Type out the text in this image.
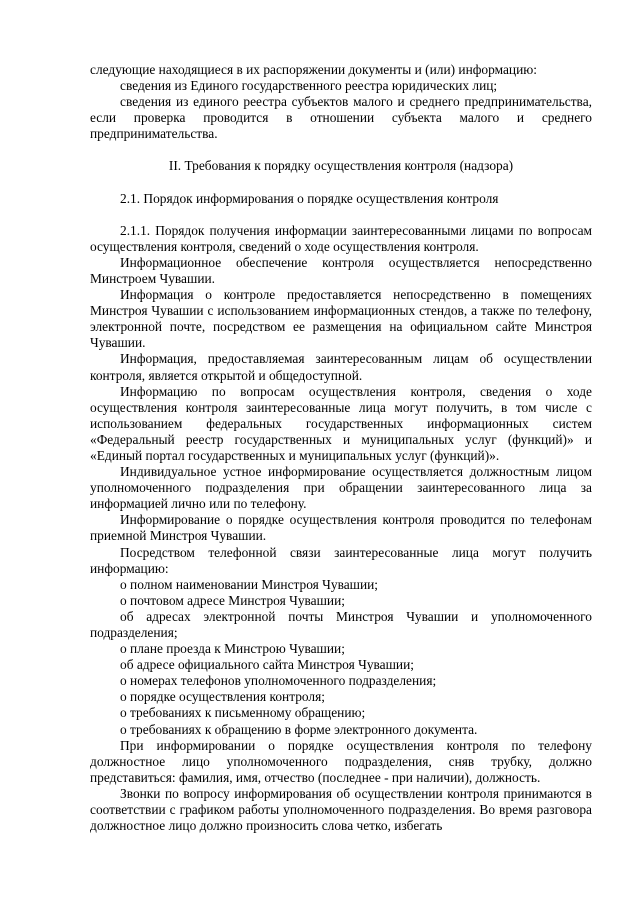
следующие находящиеся в их распоряжении документы и (или) информацию:

сведения из Единого государственного реестра юридических лиц;

сведения из единого реестра субъектов малого и среднего предпринимательства, если проверка проводится в отношении субъекта малого и среднего предпринимательства.

II. Требования к порядку осуществления контроля (надзора)

2.1. Порядок информирования о порядке осуществления контроля

2.1.1. Порядок получения информации заинтересованными лицами по вопросам осуществления контроля, сведений о ходе осуществления контроля.

Информационное обеспечение контроля осуществляется непосредственно Минстроем Чувашии.

Информация о контроле предоставляется непосредственно в помещениях Минстроя Чувашии с использованием информационных стендов, а также по телефону, электронной почте, посредством ее размещения на официальном сайте Минстроя Чувашии.

Информация, предоставляемая заинтересованным лицам об осуществлении контроля, является открытой и общедоступной.

Информацию по вопросам осуществления контроля, сведения о ходе осуществления контроля заинтересованные лица могут получить, в том числе с использованием федеральных государственных информационных систем «Федеральный реестр государственных и муниципальных услуг (функций)» и «Единый портал государственных и муниципальных услуг (функций)».

Индивидуальное устное информирование осуществляется должностным лицом уполномоченного подразделения при обращении заинтересованного лица за информацией лично или по телефону.

Информирование о порядке осуществления контроля проводится по телефонам приемной Минстроя Чувашии.

Посредством телефонной связи заинтересованные лица могут получить информацию:

о полном наименовании Минстроя Чувашии;

о почтовом адресе Минстроя Чувашии;

об адресах электронной почты Минстроя Чувашии и уполномоченного подразделения;

о плане проезда к Минстрою Чувашии;

об адресе официального сайта Минстроя Чувашии;

о номерах телефонов уполномоченного подразделения;

о порядке осуществления контроля;

о требованиях к письменному обращению;

о требованиях к обращению в форме электронного документа.

При информировании о порядке осуществления контроля по телефону должностное лицо уполномоченного подразделения, сняв трубку, должно представиться: фамилия, имя, отчество (последнее - при наличии), должность.

Звонки по вопросу информирования об осуществлении контроля принимаются в соответствии с графиком работы уполномоченного подразделения. Во время разговора должностное лицо должно произносить слова четко, избегать
